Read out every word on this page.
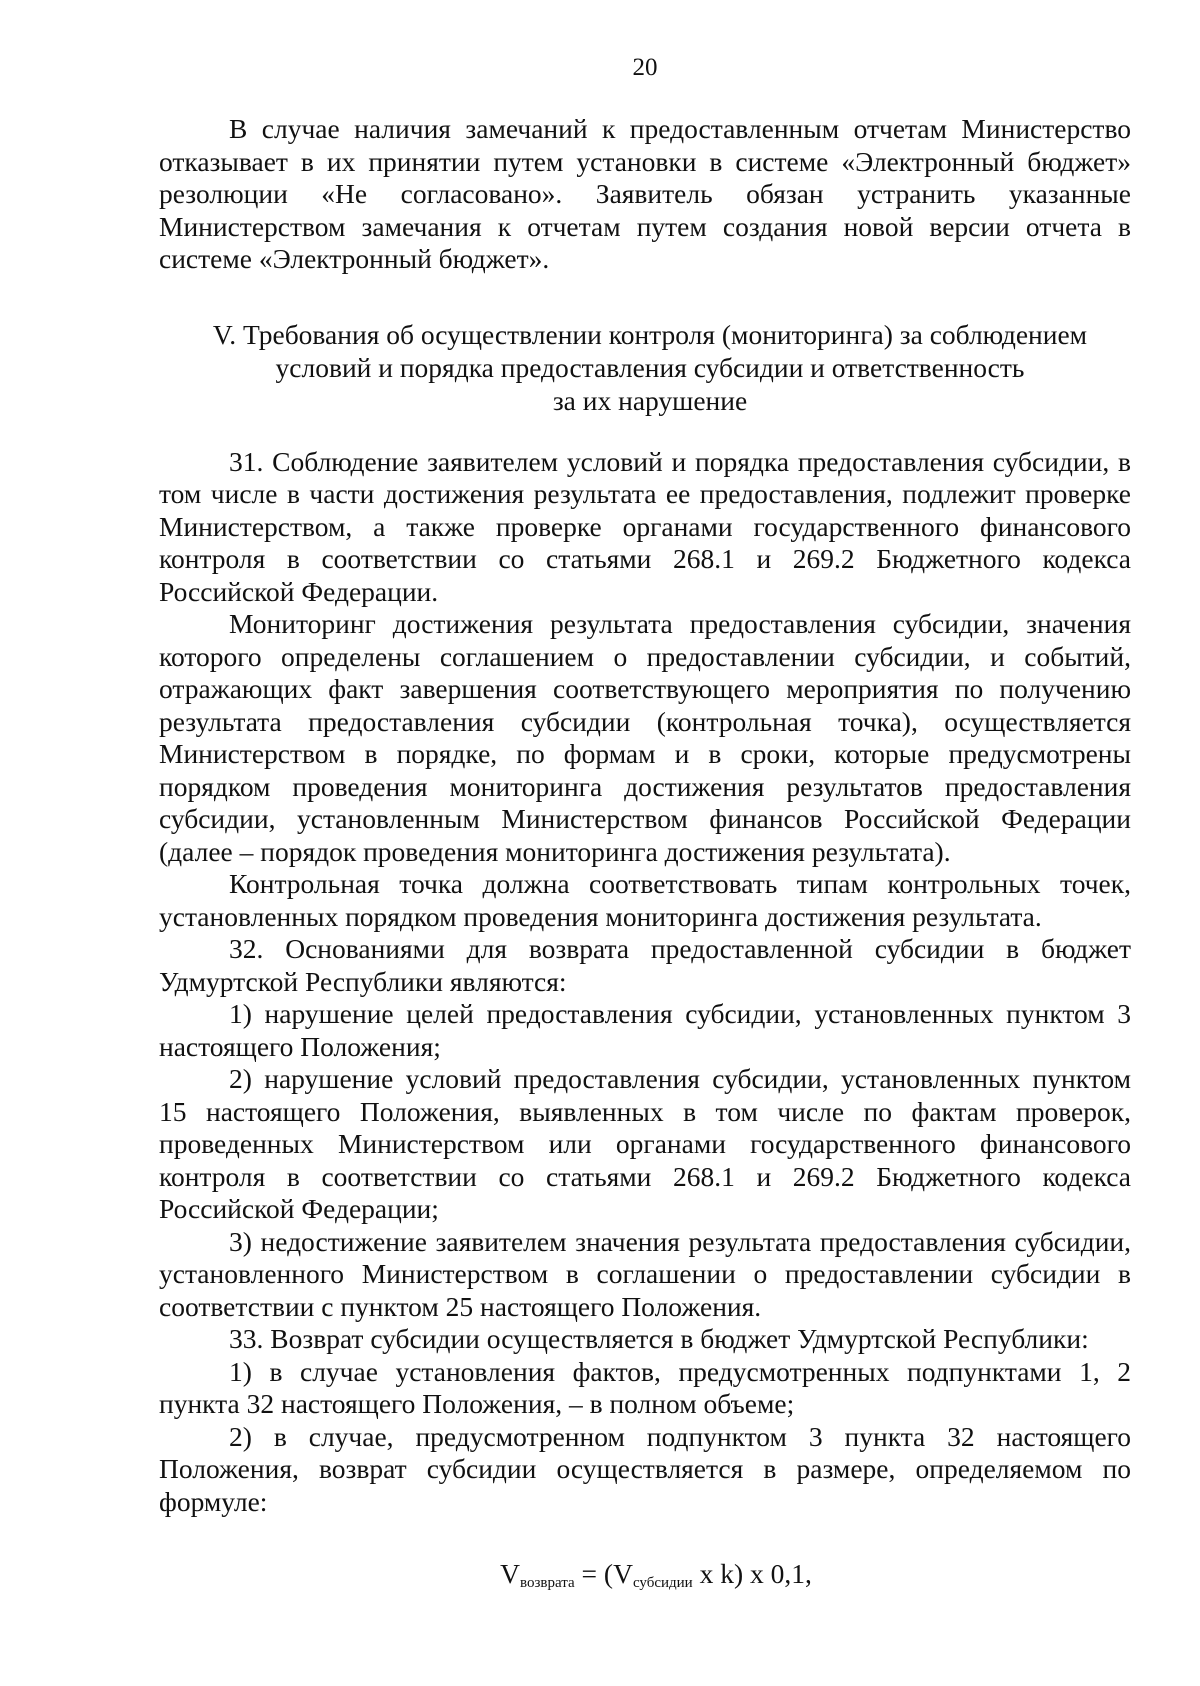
20

В случае наличия замечаний к предоставленным отчетам Министерство отказывает в их принятии путем установки в системе «Электронный бюджет» резолюции «Не согласовано». Заявитель обязан устранить указанные Министерством замечания к отчетам путем создания новой версии отчета в системе «Электронный бюджет».

V. Требования об осуществлении контроля (мониторинга) за соблюдением
условий и порядка предоставления субсидии и ответственность
за их нарушение

31. Соблюдение заявителем условий и порядка предоставления субсидии, в том числе в части достижения результата ее предоставления, подлежит проверке Министерством, а также проверке органами государственного финансового контроля в соответствии со статьями 268.1 и 269.2 Бюджетного кодекса Российской Федерации.

Мониторинг достижения результата предоставления субсидии, значения которого определены соглашением о предоставлении субсидии, и событий, отражающих факт завершения соответствующего мероприятия по получению результата предоставления субсидии (контрольная точка), осуществляется Министерством в порядке, по формам и в сроки, которые предусмотрены порядком проведения мониторинга достижения результатов предоставления субсидии, установленным Министерством финансов Российской Федерации (далее – порядок проведения мониторинга достижения результата).

Контрольная точка должна соответствовать типам контрольных точек, установленных порядком проведения мониторинга достижения результата.

32. Основаниями для возврата предоставленной субсидии в бюджет Удмуртской Республики являются:

1) нарушение целей предоставления субсидии, установленных пунктом 3 настоящего Положения;

2) нарушение условий предоставления субсидии, установленных пунктом 15 настоящего Положения, выявленных в том числе по фактам проверок, проведенных Министерством или органами государственного финансового контроля в соответствии со статьями 268.1 и 269.2 Бюджетного кодекса Российской Федерации;

3) недостижение заявителем значения результата предоставления субсидии, установленного Министерством в соглашении о предоставлении субсидии в соответствии с пунктом 25 настоящего Положения.

33. Возврат субсидии осуществляется в бюджет Удмуртской Республики:

1) в случае установления фактов, предусмотренных подпунктами 1, 2 пункта 32 настоящего Положения, – в полном объеме;

2) в случае, предусмотренном подпунктом 3 пункта 32 настоящего Положения, возврат субсидии осуществляется в размере, определяемом по формуле:

$V_{возврата} = (V_{субсидии}$ x k) x 0,1,
